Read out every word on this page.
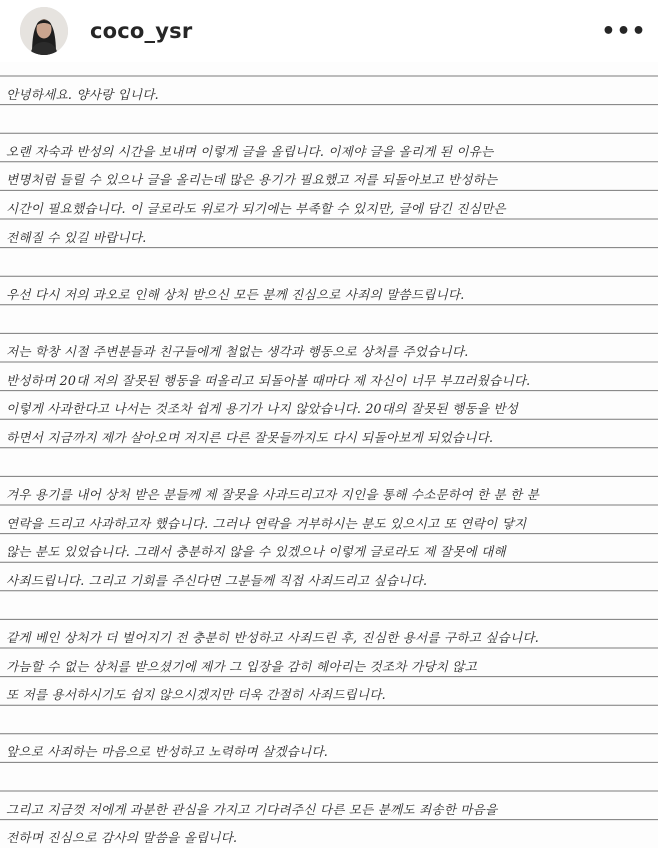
coco_ysr	•••
안녕하세요. 양사랑 입니다.
오랜 자숙과 반성의 시간을 보내며 이렇게 글을 올립니다. 이제야 글을 올리게 된 이유는
변명처럼 들릴 수 있으나 글을 올리는데 많은 용기가 필요했고 저를 되돌아보고 반성하는
시간이 필요했습니다. 이 글로라도 위로가 되기에는 부족할 수 있지만, 글에 담긴 진심만은
전해질 수 있길 바랍니다.
우선 다시 저의 과오로 인해 상처 받으신 모든 분께 진심으로 사죄의 말씀드립니다.
저는 학창 시절 주변분들과 친구들에게 철없는 생각과 행동으로 상처를 주었습니다.
반성하며 20대 저의 잘못된 행동을 떠올리고 되돌아볼 때마다 제 자신이 너무 부끄러웠습니다.
이렇게 사과한다고 나서는 것조차 쉽게 용기가 나지 않았습니다. 20대의 잘못된 행동을 반성
하면서 지금까지 제가 살아오며 저지른 다른 잘못들까지도 다시 되돌아보게 되었습니다.
겨우 용기를 내어 상처 받은 분들께 제 잘못을 사과드리고자 지인을 통해 수소문하여 한 분 한 분
연락을 드리고 사과하고자 했습니다. 그러나 연락을 거부하시는 분도 있으시고 또 연락이 닿지
않는 분도 있었습니다. 그래서 충분하지 않을 수 있겠으나 이렇게 글로라도 제 잘못에 대해
사죄드립니다. 그리고 기회를 주신다면 그분들께 직접 사죄드리고 싶습니다.
같게 베인 상처가 더 벌어지기 전 충분히 반성하고 사죄드린 후, 진심한 용서를 구하고 싶습니다.
가늠할 수 없는 상처를 받으셨기에 제가 그 입장을 감히 헤아리는 것조차 가당치 않고
또 저를 용서하시기도 쉽지 않으시겠지만 더욱 간절히 사죄드립니다.
앞으로 사죄하는 마음으로 반성하고 노력하며 살겠습니다.
그리고 지금껏 저에게 과분한 관심을 가지고 기다려주신 다른 모든 분께도 죄송한 마음을
전하며 진심으로 감사의 말씀을 올립니다.
